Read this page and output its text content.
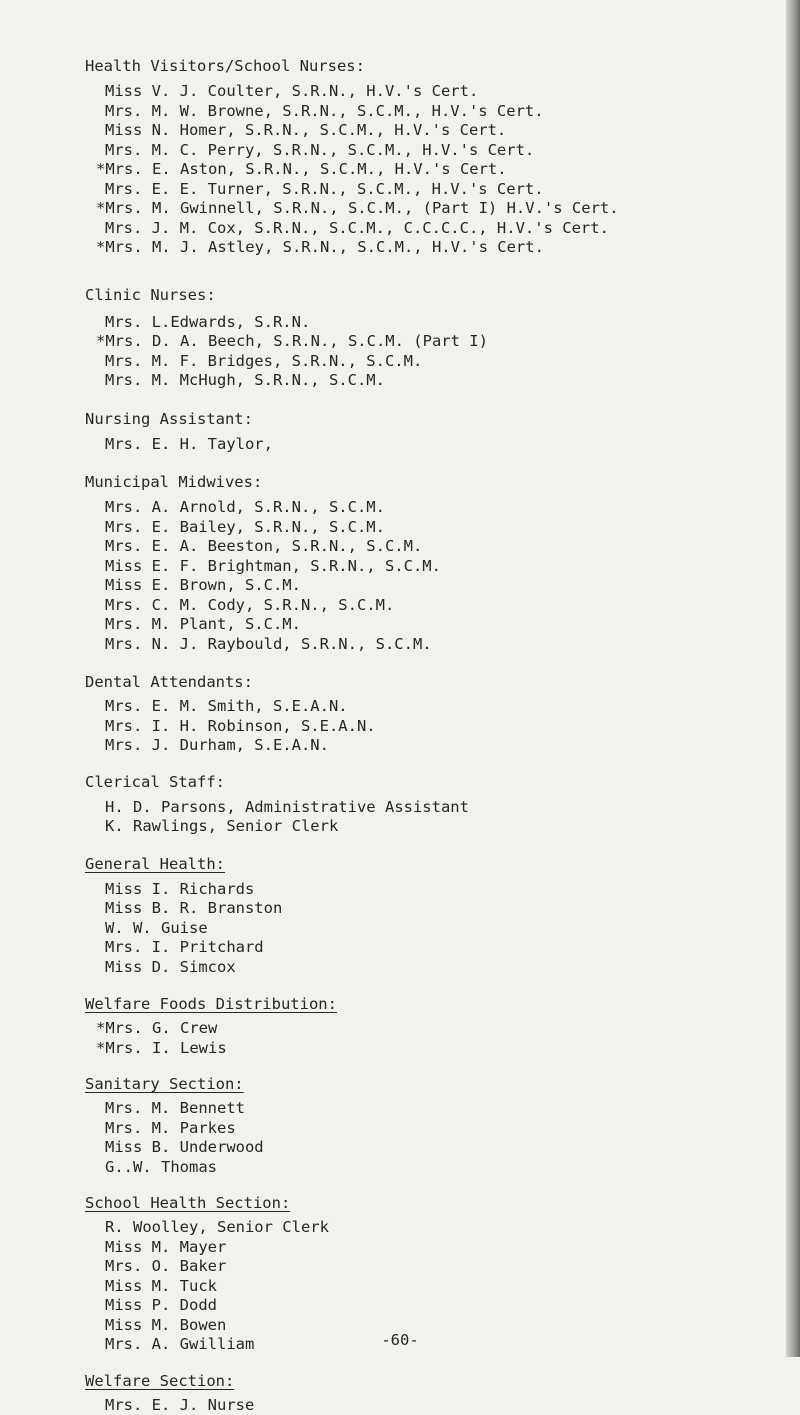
Health Visitors/School Nurses:
Miss V. J. Coulter, S.R.N., H.V.'s Cert.
Mrs. M. W. Browne, S.R.N., S.C.M., H.V.'s Cert.
Miss N. Homer, S.R.N., S.C.M., H.V.'s Cert.
Mrs. M. C. Perry, S.R.N., S.C.M., H.V.'s Cert.
*Mrs. E. Aston, S.R.N., S.C.M., H.V.'s Cert.
Mrs. E. E. Turner, S.R.N., S.C.M., H.V.'s Cert.
*Mrs. M. Gwinnell, S.R.N., S.C.M., (Part I) H.V.'s Cert.
Mrs. J. M. Cox, S.R.N., S.C.M., C.C.C.C., H.V.'s Cert.
*Mrs. M. J. Astley, S.R.N., S.C.M., H.V.'s Cert.
Clinic Nurses:
Mrs. L.Edwards, S.R.N.
*Mrs. D. A. Beech, S.R.N., S.C.M. (Part I)
Mrs. M. F. Bridges, S.R.N., S.C.M.
Mrs. M. McHugh, S.R.N., S.C.M.
Nursing Assistant:
Mrs. E. H. Taylor,
Municipal Midwives:
Mrs. A. Arnold, S.R.N., S.C.M.
Mrs. E. Bailey, S.R.N., S.C.M.
Mrs. E. A. Beeston, S.R.N., S.C.M.
Miss E. F. Brightman, S.R.N., S.C.M.
Miss E. Brown, S.C.M.
Mrs. C. M. Cody, S.R.N., S.C.M.
Mrs. M. Plant, S.C.M.
Mrs. N. J. Raybould, S.R.N., S.C.M.
Dental Attendants:
Mrs. E. M. Smith, S.E.A.N.
Mrs. I. H. Robinson, S.E.A.N.
Mrs. J. Durham, S.E.A.N.
Clerical Staff:
H. D. Parsons, Administrative Assistant
K. Rawlings, Senior Clerk
General Health:
Miss I. Richards
Miss B. R. Branston
W. W. Guise
Mrs. I. Pritchard
Miss D. Simcox
Welfare Foods Distribution:
*Mrs. G. Crew
*Mrs. I. Lewis
Sanitary Section:
Mrs. M. Bennett
Mrs. M. Parkes
Miss B. Underwood
G..W. Thomas
School Health Section:
R. Woolley, Senior Clerk
Miss M. Mayer
Mrs. O. Baker
Miss M. Tuck
Miss P. Dodd
Miss M. Bowen
Mrs. A. Gwilliam
Welfare Section:
Mrs. E. J. Nurse
-60-
